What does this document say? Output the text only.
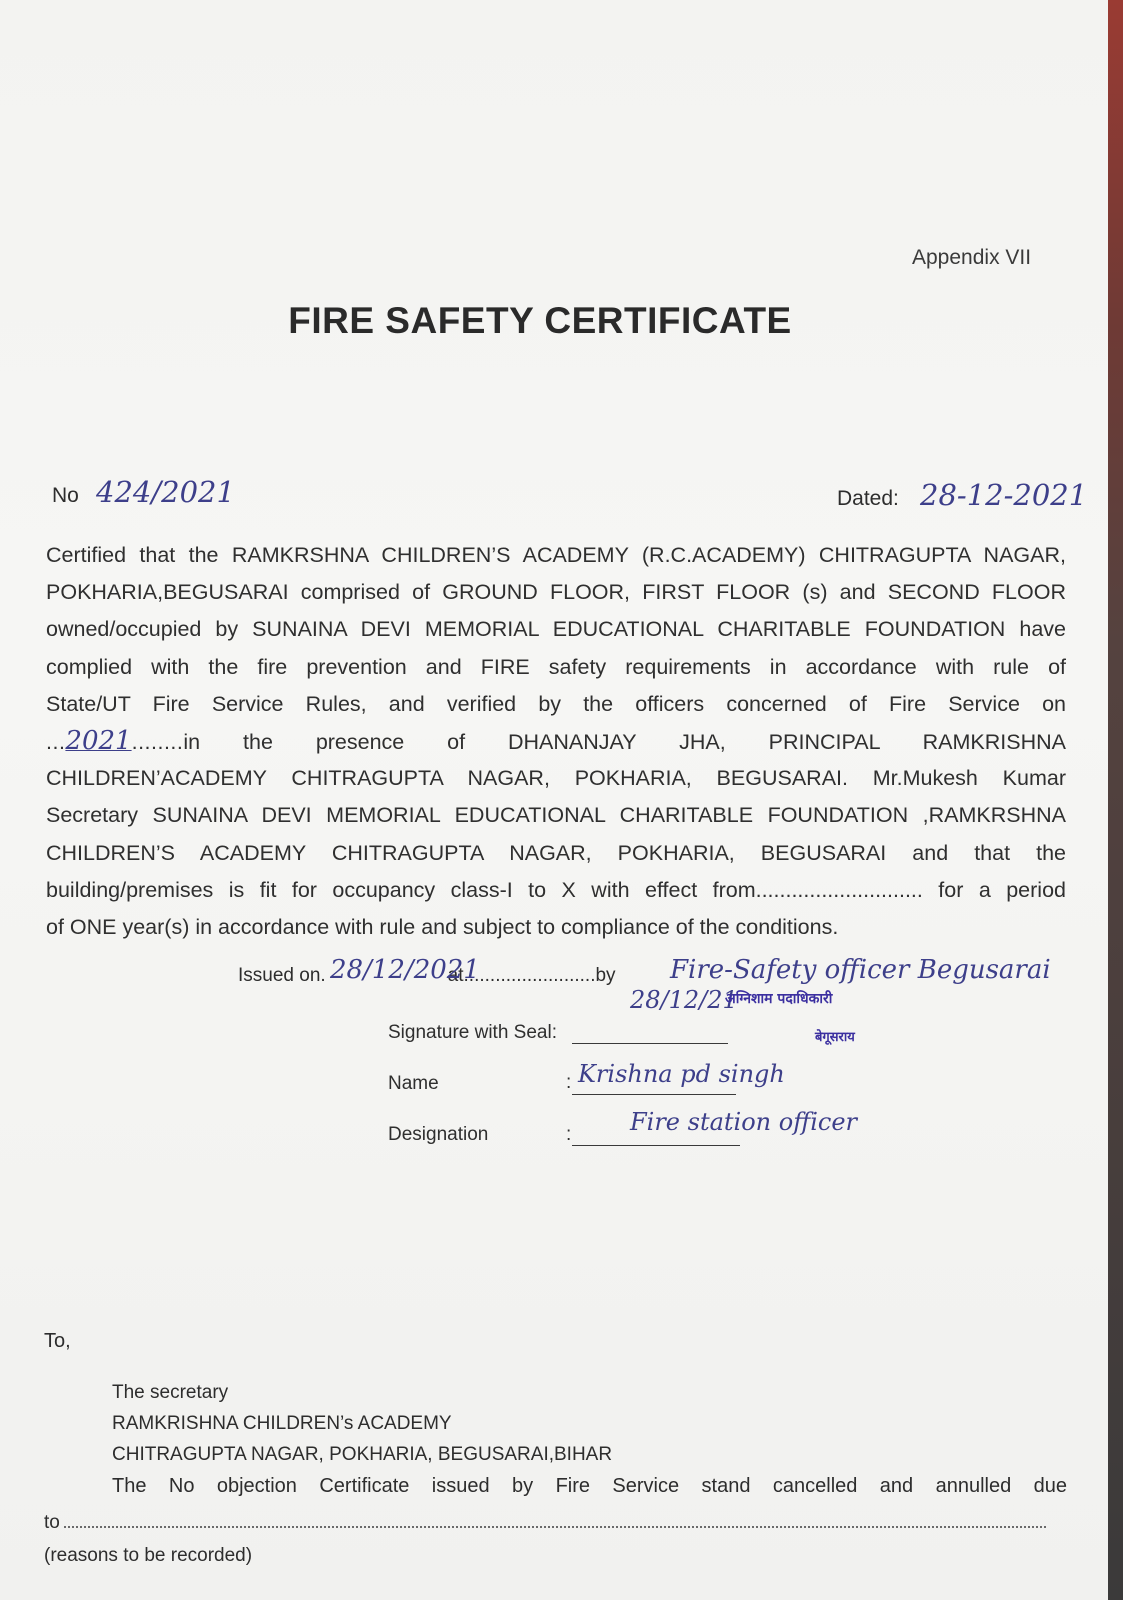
Appendix VII
FIRE SAFETY CERTIFICATE
No 424/2021	Dated: 28-12-2021
Certified that the RAMKRSHNA CHILDREN’S ACADEMY (R.C.ACADEMY) CHITRAGUPTA NAGAR,
POKHARIA,BEGUSARAI comprised of GROUND FLOOR, FIRST FLOOR (s) and SECOND FLOOR
owned/occupied by SUNAINA DEVI MEMORIAL EDUCATIONAL CHARITABLE FOUNDATION have
complied with the fire prevention and FIRE safety requirements in accordance with rule of
State/UT Fire Service Rules, and verified by the officers concerned of Fire Service on
... 2021 ........ in the presence of DHANANJAY JHA, PRINCIPAL RAMKRISHNA
CHILDREN’ACADEMY CHITRAGUPTA NAGAR, POKHARIA, BEGUSARAI. Mr.Mukesh Kumar
Secretary SUNAINA DEVI MEMORIAL EDUCATIONAL CHARITABLE FOUNDATION ,RAMKRSHNA
CHILDREN’S ACADEMY CHITRAGUPTA NAGAR, POKHARIA, BEGUSARAI and that the
building/premises is fit for occupancy class-I to X with effect from............................ for a period
of ONE year(s) in accordance with rule and subject to compliance of the conditions.
Issued on.	at.........................by
28/12/2021	Fire-Safety officer Begusarai
Signature with Seal:
28/12/21
अग्निशाम पदाधिकारी
बेगूसराय
Name	: Krishna pd singh
Designation	: Fire station officer
To,
The secretary
RAMKRISHNA CHILDREN’s ACADEMY
CHITRAGUPTA NAGAR, POKHARIA, BEGUSARAI,BIHAR
The No objection Certificate issued by Fire Service stand cancelled and annulled due
to
(reasons to be recorded)
